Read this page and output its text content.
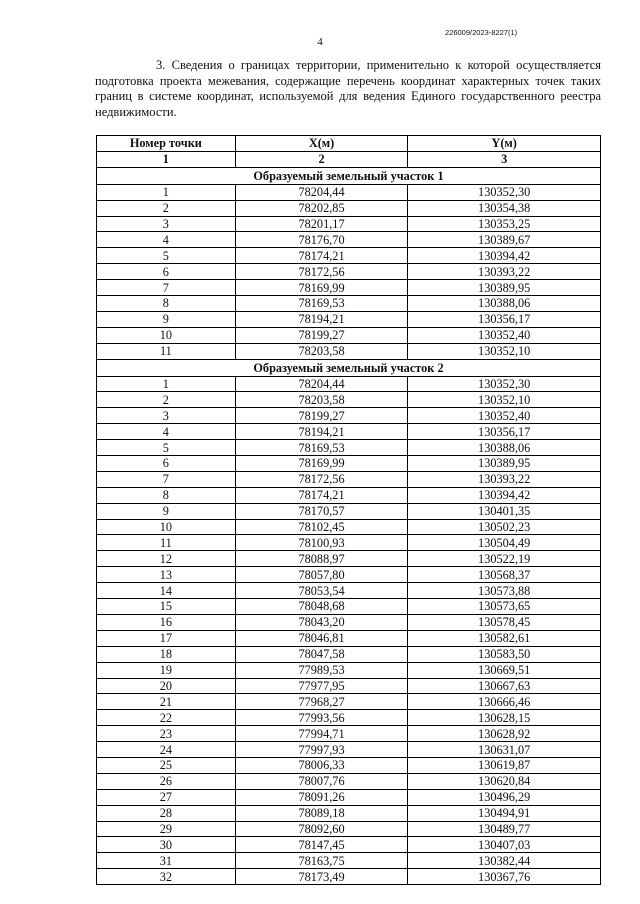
226009/2023-8227(1)
4
3. Сведения о границах территории, применительно к которой осуществляется подготовка проекта межевания, содержащие перечень координат характерных точек таких границ в системе координат, используемой для ведения Единого государственного реестра недвижимости.
Номер точки	X(м)	Y(м)
1	2	3
Образуемый земельный участок 1		
1	78204,44	130352,30
2	78202,85	130354,38
3	78201,17	130353,25
4	78176,70	130389,67
5	78174,21	130394,42
6	78172,56	130393,22
7	78169,99	130389,95
8	78169,53	130388,06
9	78194,21	130356,17
10	78199,27	130352,40
11	78203,58	130352,10
Образуемый земельный участок 2		
1	78204,44	130352,30
2	78203,58	130352,10
3	78199,27	130352,40
4	78194,21	130356,17
5	78169,53	130388,06
6	78169,99	130389,95
7	78172,56	130393,22
8	78174,21	130394,42
9	78170,57	130401,35
10	78102,45	130502,23
11	78100,93	130504,49
12	78088,97	130522,19
13	78057,80	130568,37
14	78053,54	130573,88
15	78048,68	130573,65
16	78043,20	130578,45
17	78046,81	130582,61
18	78047,58	130583,50
19	77989,53	130669,51
20	77977,95	130667,63
21	77968,27	130666,46
22	77993,56	130628,15
23	77994,71	130628,92
24	77997,93	130631,07
25	78006,33	130619,87
26	78007,76	130620,84
27	78091,26	130496,29
28	78089,18	130494,91
29	78092,60	130489,77
30	78147,45	130407,03
31	78163,75	130382,44
32	78173,49	130367,76
